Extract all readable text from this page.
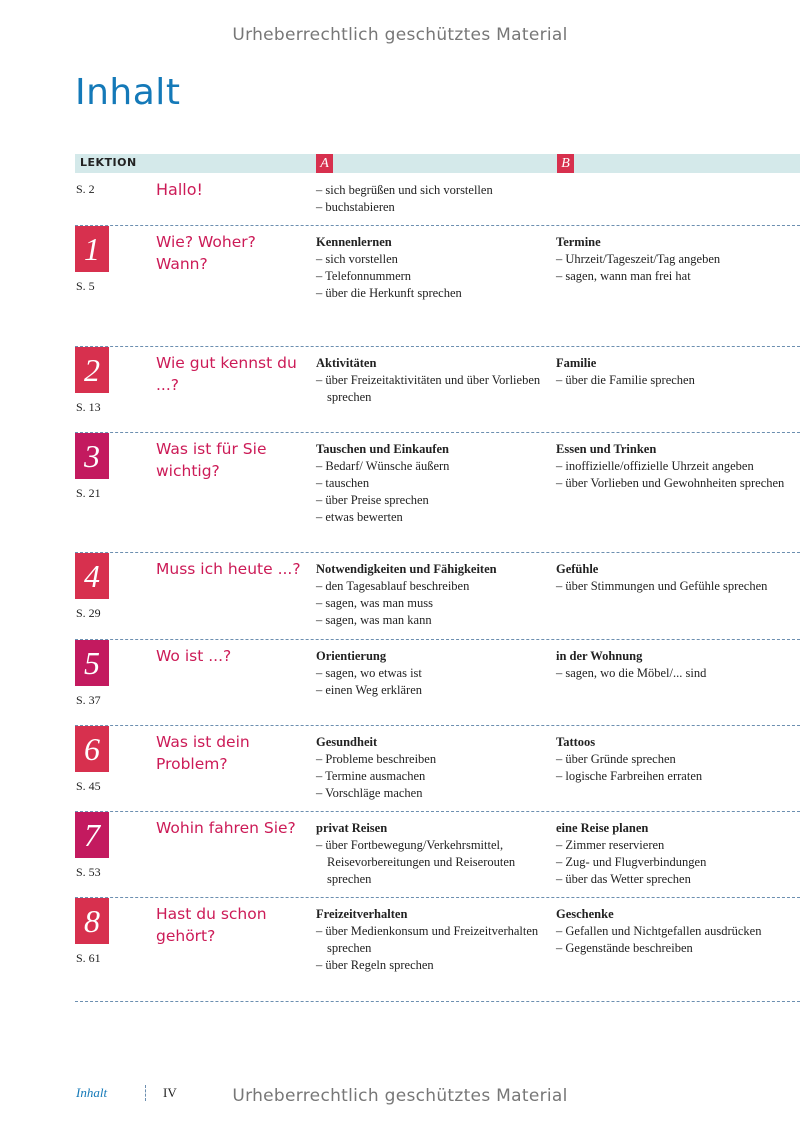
Urheberrechtlich geschütztes Material
Inhalt
LEKTION	A	B
S. 2	Hallo!
–	sich begrüßen und sich vorstellen
– buchstabieren
1
S. 5
Wie? Woher? Wann?
Kennenlernen
– sich vorstellen
– Telefonnummern
– über die Herkunft sprechen
Termine
– Uhrzeit/Tageszeit/Tag angeben
– sagen, wann man frei hat
2
S. 13
Wie gut kennst du ...?
Aktivitäten
– über Freizeitaktivitäten und über Vorlieben sprechen
Familie
– über die Familie sprechen
3
S. 21
Was ist für Sie wichtig?
Tauschen und Einkaufen
– Bedarf/ Wünsche äußern
– tauschen
– über Preise sprechen
– etwas bewerten
Essen und Trinken
– inoffizielle/offizielle Uhrzeit angeben
– über Vorlieben und Gewohnheiten sprechen
4
S. 29
Muss ich heute ...?	Notwendigkeiten und Fähigkeiten
– den Tagesablauf beschreiben
– sagen, was man muss
– sagen, was man kann
Gefühle
– über Stimmungen und Gefühle sprechen
5
S. 37
Wo ist ...?	Orientierung
– sagen, wo etwas ist
– einen Weg erklären
in der Wohnung
– sagen, wo die Möbel/... sind
6
S. 45
Was ist dein Problem?
Gesundheit
– Probleme beschreiben
– Termine ausmachen
– Vorschläge machen
Tattoos
– über Gründe sprechen
– logische Farbreihen erraten
7
S. 53
Wohin fahren Sie?	privat Reisen
– über Fortbewegung/Verkehrsmittel, Reisevorbereitungen und Reiserouten sprechen
eine Reise planen
– Zimmer reservieren
– Zug- und Flugverbindungen
– über das Wetter sprechen
8
S. 61
Hast du schon gehört?
Freizeitverhalten
– über Medienkonsum und Freizeitverhalten sprechen
– über Regeln sprechen
Geschenke
– Gefallen und Nichtgefallen ausdrücken
– Gegenstände beschreiben
Inhalt	IV	Urheberrechtlich geschütztes Material
